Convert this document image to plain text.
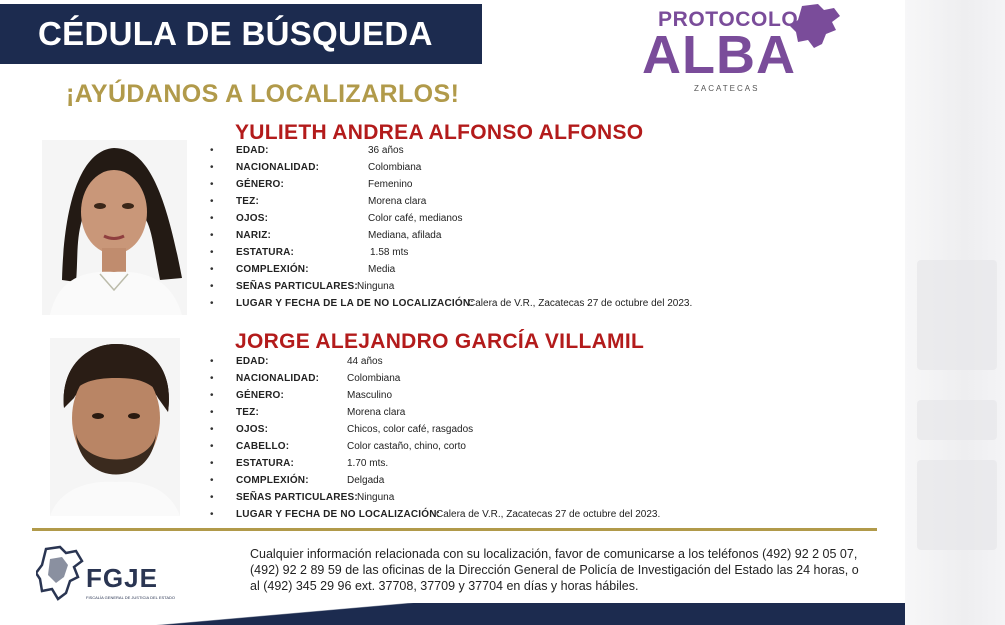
CÉDULA DE BÚSQUEDA
¡AYÚDANOS A LOCALIZARLOS!
PROTOCOLO
ALBA
ZACATECAS
YULIETH ANDREA ALFONSO ALFONSO
• EDAD:	36 años
• NACIONALIDAD:	Colombiana
• GÉNERO:	Femenino
• TEZ:	Morena clara
• OJOS:	Color café, medianos
• NARIZ:	Mediana, afilada
• ESTATURA:	1.58 mts
• COMPLEXIÓN:	Media
• SEÑAS PARTICULARES: Ninguna
• LUGAR Y FECHA DE LA DE NO LOCALIZACIÓN:
Calera de V.R., Zacatecas 27 de octubre del 2023.
JORGE ALEJANDRO GARCÍA VILLAMIL
• EDAD:	44 años
• NACIONALIDAD:	Colombiana
• GÉNERO:	Masculino
• TEZ:	Morena clara
• OJOS:	Chicos, color café, rasgados
• CABELLO:	Color castaño, chino, corto
• ESTATURA:	1.70 mts.
• COMPLEXIÓN:	Delgada
• SEÑAS PARTICULARES: Ninguna
• LUGAR Y FECHA DE NO LOCALIZACIÓN:
Calera de V.R., Zacatecas 27 de octubre del 2023.
FGJE
FISCALÍA GENERAL DE JUSTICIA DEL ESTADO
Cualquier información relacionada con su localización, favor de comunicarse a los teléfonos (492) 92 2 05 07,
(492) 92 2 89 59 de las oficinas de la Dirección General de Policía de Investigación del Estado las 24 horas, o
al (492) 345 29 96 ext. 37708, 37709 y 37704 en días y horas hábiles.
